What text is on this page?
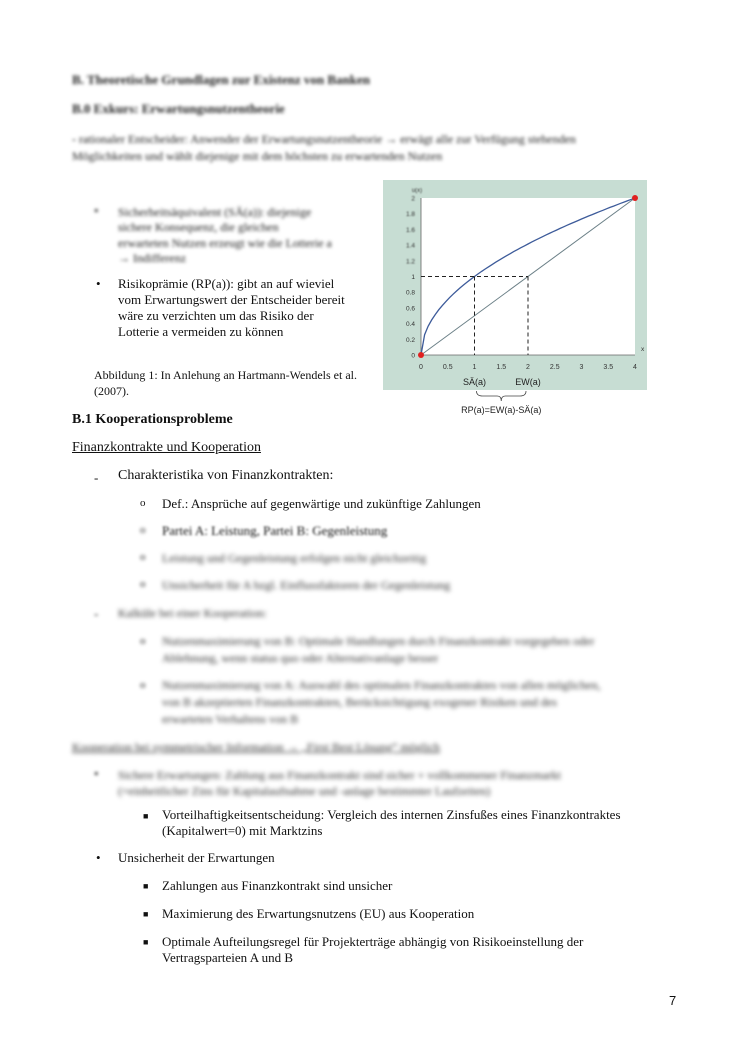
B. Theoretische Grundlagen zur Existenz von Banken
B.0 Exkurs: Erwartungsnutzentheorie
- rationaler Entscheider: Anwender der Erwartungsnutzentheorie → erwägt alle zur Verfügung stehenden
Möglichkeiten und wählt diejenige mit dem höchsten zu erwartenden Nutzen
• Sicherheitsäquivalent (SÄ(a)): diejenige
sichere Konsequenz, die gleichen
erwarteten Nutzen erzeugt wie die Lotterie a
→ Indifferenz
• Risikoprämie (RP(a)): gibt an auf wieviel
vom Erwartungswert der Entscheider bereit
wäre zu verzichten um das Risiko der
Lotterie a vermeiden zu können
Abbildung 1: In Anlehung an Hartmann-Wendels et al.
(2007).
0	0.5	1	1.5	2	2.5	3	3.5	4
0
0.2
0.4
0.6
0.8
1
1.2
1.4
1.6
1.8
2
x
u(x)
SÄ(a)	EW(a)
RP(a)=EW(a)-SÄ(a)
B.1 Kooperationsprobleme
Finanzkontrakte und Kooperation
- Charakteristika von Finanzkontrakten:
o Def.: Ansprüche auf gegenwärtige und zukünftige Zahlungen
o Partei A: Leistung, Partei B: Gegenleistung
o Leistung und Gegenleistung erfolgen nicht gleichzeitig
o Unsicherheit für A bzgl. Einflussfaktoren der Gegenleistung
- Kalküle bei einer Kooperation:
o Nutzenmaximierung von B: Optimale Handlungen durch Finanzkontrakt vorgegeben oder
Ablehnung, wenn status quo oder Alternativanlage besser
o Nutzenmaximierung von A: Auswahl des optimalen Finanzkontraktes von allen möglichen,
von B akzeptierten Finanzkontrakten, Berücksichtigung exogener Risiken und des
erwarteten Verhaltens von B
Kooperation bei symmetrischer Information → „First Best Lösung“ möglich
• Sichere Erwartungen: Zahlung aus Finanzkontrakt sind sicher + vollkommener Finanzmarkt
(=einheitlicher Zins für Kapitalaufnahme und -anlage bestimmter Laufzeiten)
■ Vorteilhaftigkeitsentscheidung: Vergleich des internen Zinsfußes eines Finanzkontraktes
(Kapitalwert=0) mit Marktzins
• Unsicherheit der Erwartungen
■ Zahlungen aus Finanzkontrakt sind unsicher
■ Maximierung des Erwartungsnutzens (EU) aus Kooperation
■ Optimale Aufteilungsregel für Projekterträge abhängig von Risikoeinstellung der
Vertragsparteien A und B
7
